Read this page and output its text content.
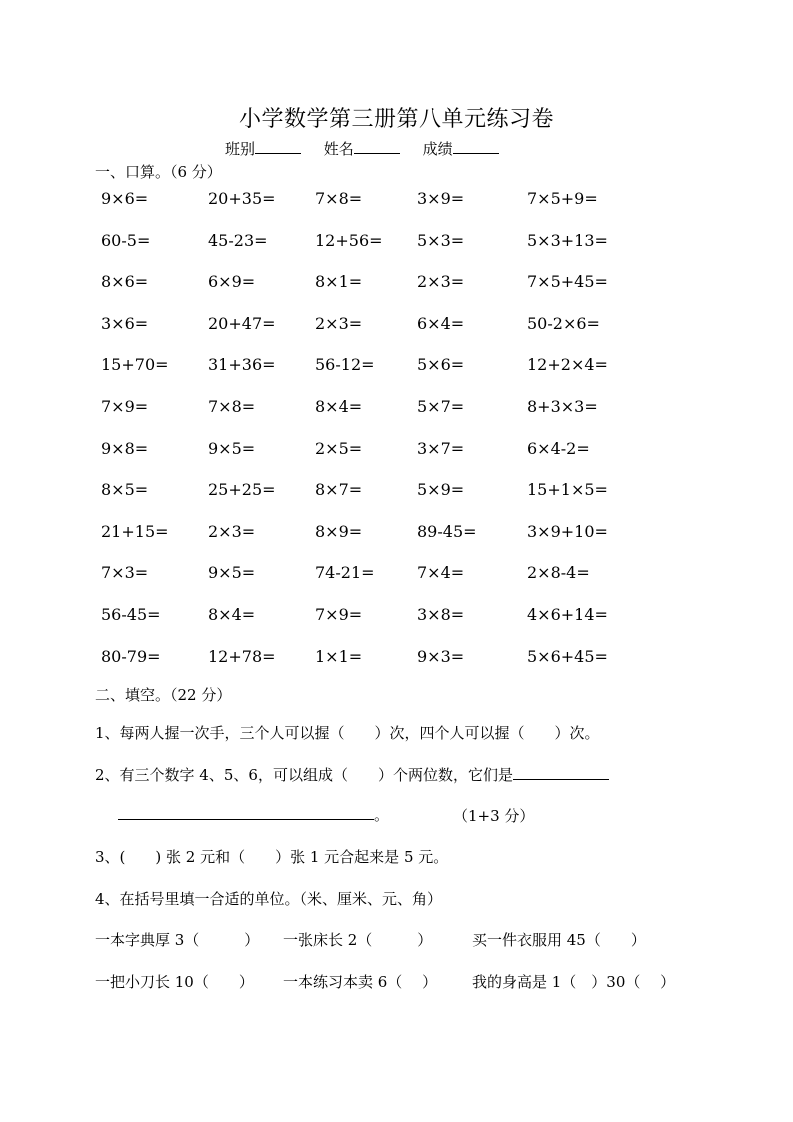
小学数学第三册第八单元练习卷
班别	姓名	成绩
一、口算。（6 分）
9×6=	20+35= 7×8=	3×9=	7×5+9=
60-5=	45-23=	12+56= 5×3=	5×3+13=
8×6=	6×9=	8×1=	2×3=	7×5+45=
3×6=	20+47= 2×3=	6×4=	50-2×6=
15+70= 31+36= 56-12=	5×6=	12+2×4=
7×9=	7×8=	8×4=	5×7=	8+3×3=
9×8=	9×5=	2×5=	3×7=	6×4-2=
8×5=	25+25= 8×7=	5×9=	15+1×5=
21+15= 2×3=	8×9=	89-45=	3×9+10=
7×3=	9×5=	74-21=	7×4=	2×8-4=
56-45=	8×4=	7×9=	3×8=	4×6+14=
80-79=	12+78= 1×1=	9×3=	5×6+45=
二、填空。（22 分）
1、每两人握一次手，三个人可以握（　　）次，四个人可以握（　　）次。
2、有三个数字 4、5、6，可以组成（　　）个两位数，它们是
。	（1+3 分）
3、(　　) 张 2 元和（　　）张 1 元合起来是 5 元。
4、在括号里填一合适的单位。（米、厘米、元、角）
一本字典厚 3（　　　） 一张床长 2（　　　）	买一件衣服用 45（　　）
一把小刀长 10（　　） 一本练习本卖 6（　 ） 我的身高是 1（　）30（　 ）
